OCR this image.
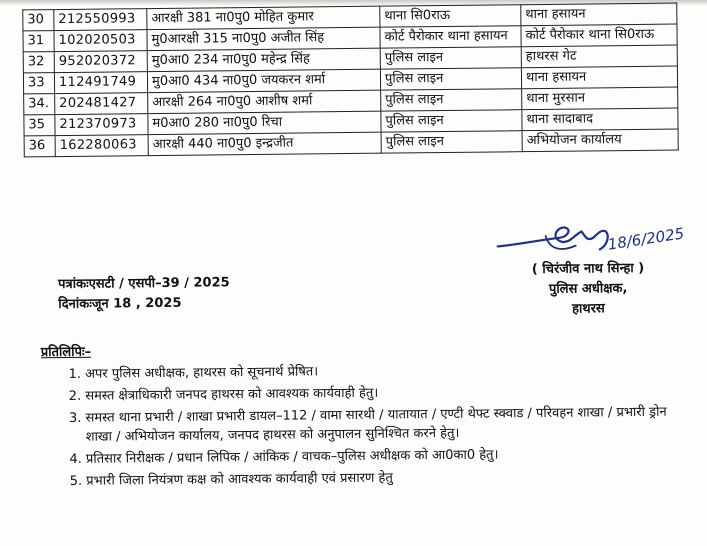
30	212550993	आरक्षी 381 ना0पु0 मोहित कुमार	थाना सि0राऊ	थाना हसायन
31	102020503	मु0आरक्षी 315 ना0पु0 अजीत सिंह	कोर्ट पैरोकार थाना हसायन	कोर्ट पैरोकार थाना सि0राऊ
32	952020372	मु0आ0 234 ना0पु0 महेन्द्र सिंह	पुलिस लाइन	हाथरस गेट
33	112491749	मु0आ0 434 ना0पु0 जयकरन शर्मा	पुलिस लाइन	थाना हसायन
34.	202481427	आरक्षी 264 ना0पु0 आशीष शर्मा	पुलिस लाइन	थाना मुरसान
35	212370973	म0आ0 280 ना0पु0 रिचा	पुलिस लाइन	थाना सादाबाद
36	162280063	आरक्षी 440 ना0पु0 इन्द्रजीत	पुलिस लाइन	अभियोजन कार्यालय
पत्रांकःएसटी / एसपी–39 / 2025
दिनांकःजून 18 , 2025
18/6/2025
( चिरंजीव नाथ सिन्हा )
पुलिस अधीक्षक,
हाथरस
प्रतिलिपिः–
1. अपर पुलिस अधीक्षक, हाथरस को सूचनार्थ प्रेषित।
2. समस्त क्षेत्राधिकारी जनपद हाथरस को आवश्यक कार्यवाही हेतु।
3. समस्त थाना प्रभारी / शाखा प्रभारी डायल–112 / वामा सारथी / यातायात / एण्टी थेफ्ट स्क्वाड / परिवहन शाखा / प्रभारी ड्रोन शाखा / अभियोजन कार्यालय, जनपद हाथरस को अनुपालन सुनिश्चित करने हेतु।
4. प्रतिसार निरीक्षक / प्रधान लिपिक / आंकिक / वाचक–पुलिस अधीक्षक को आ0का0 हेतु।
5. प्रभारी जिला नियंत्रण कक्ष को आवश्यक कार्यवाही एवं प्रसारण हेतु
